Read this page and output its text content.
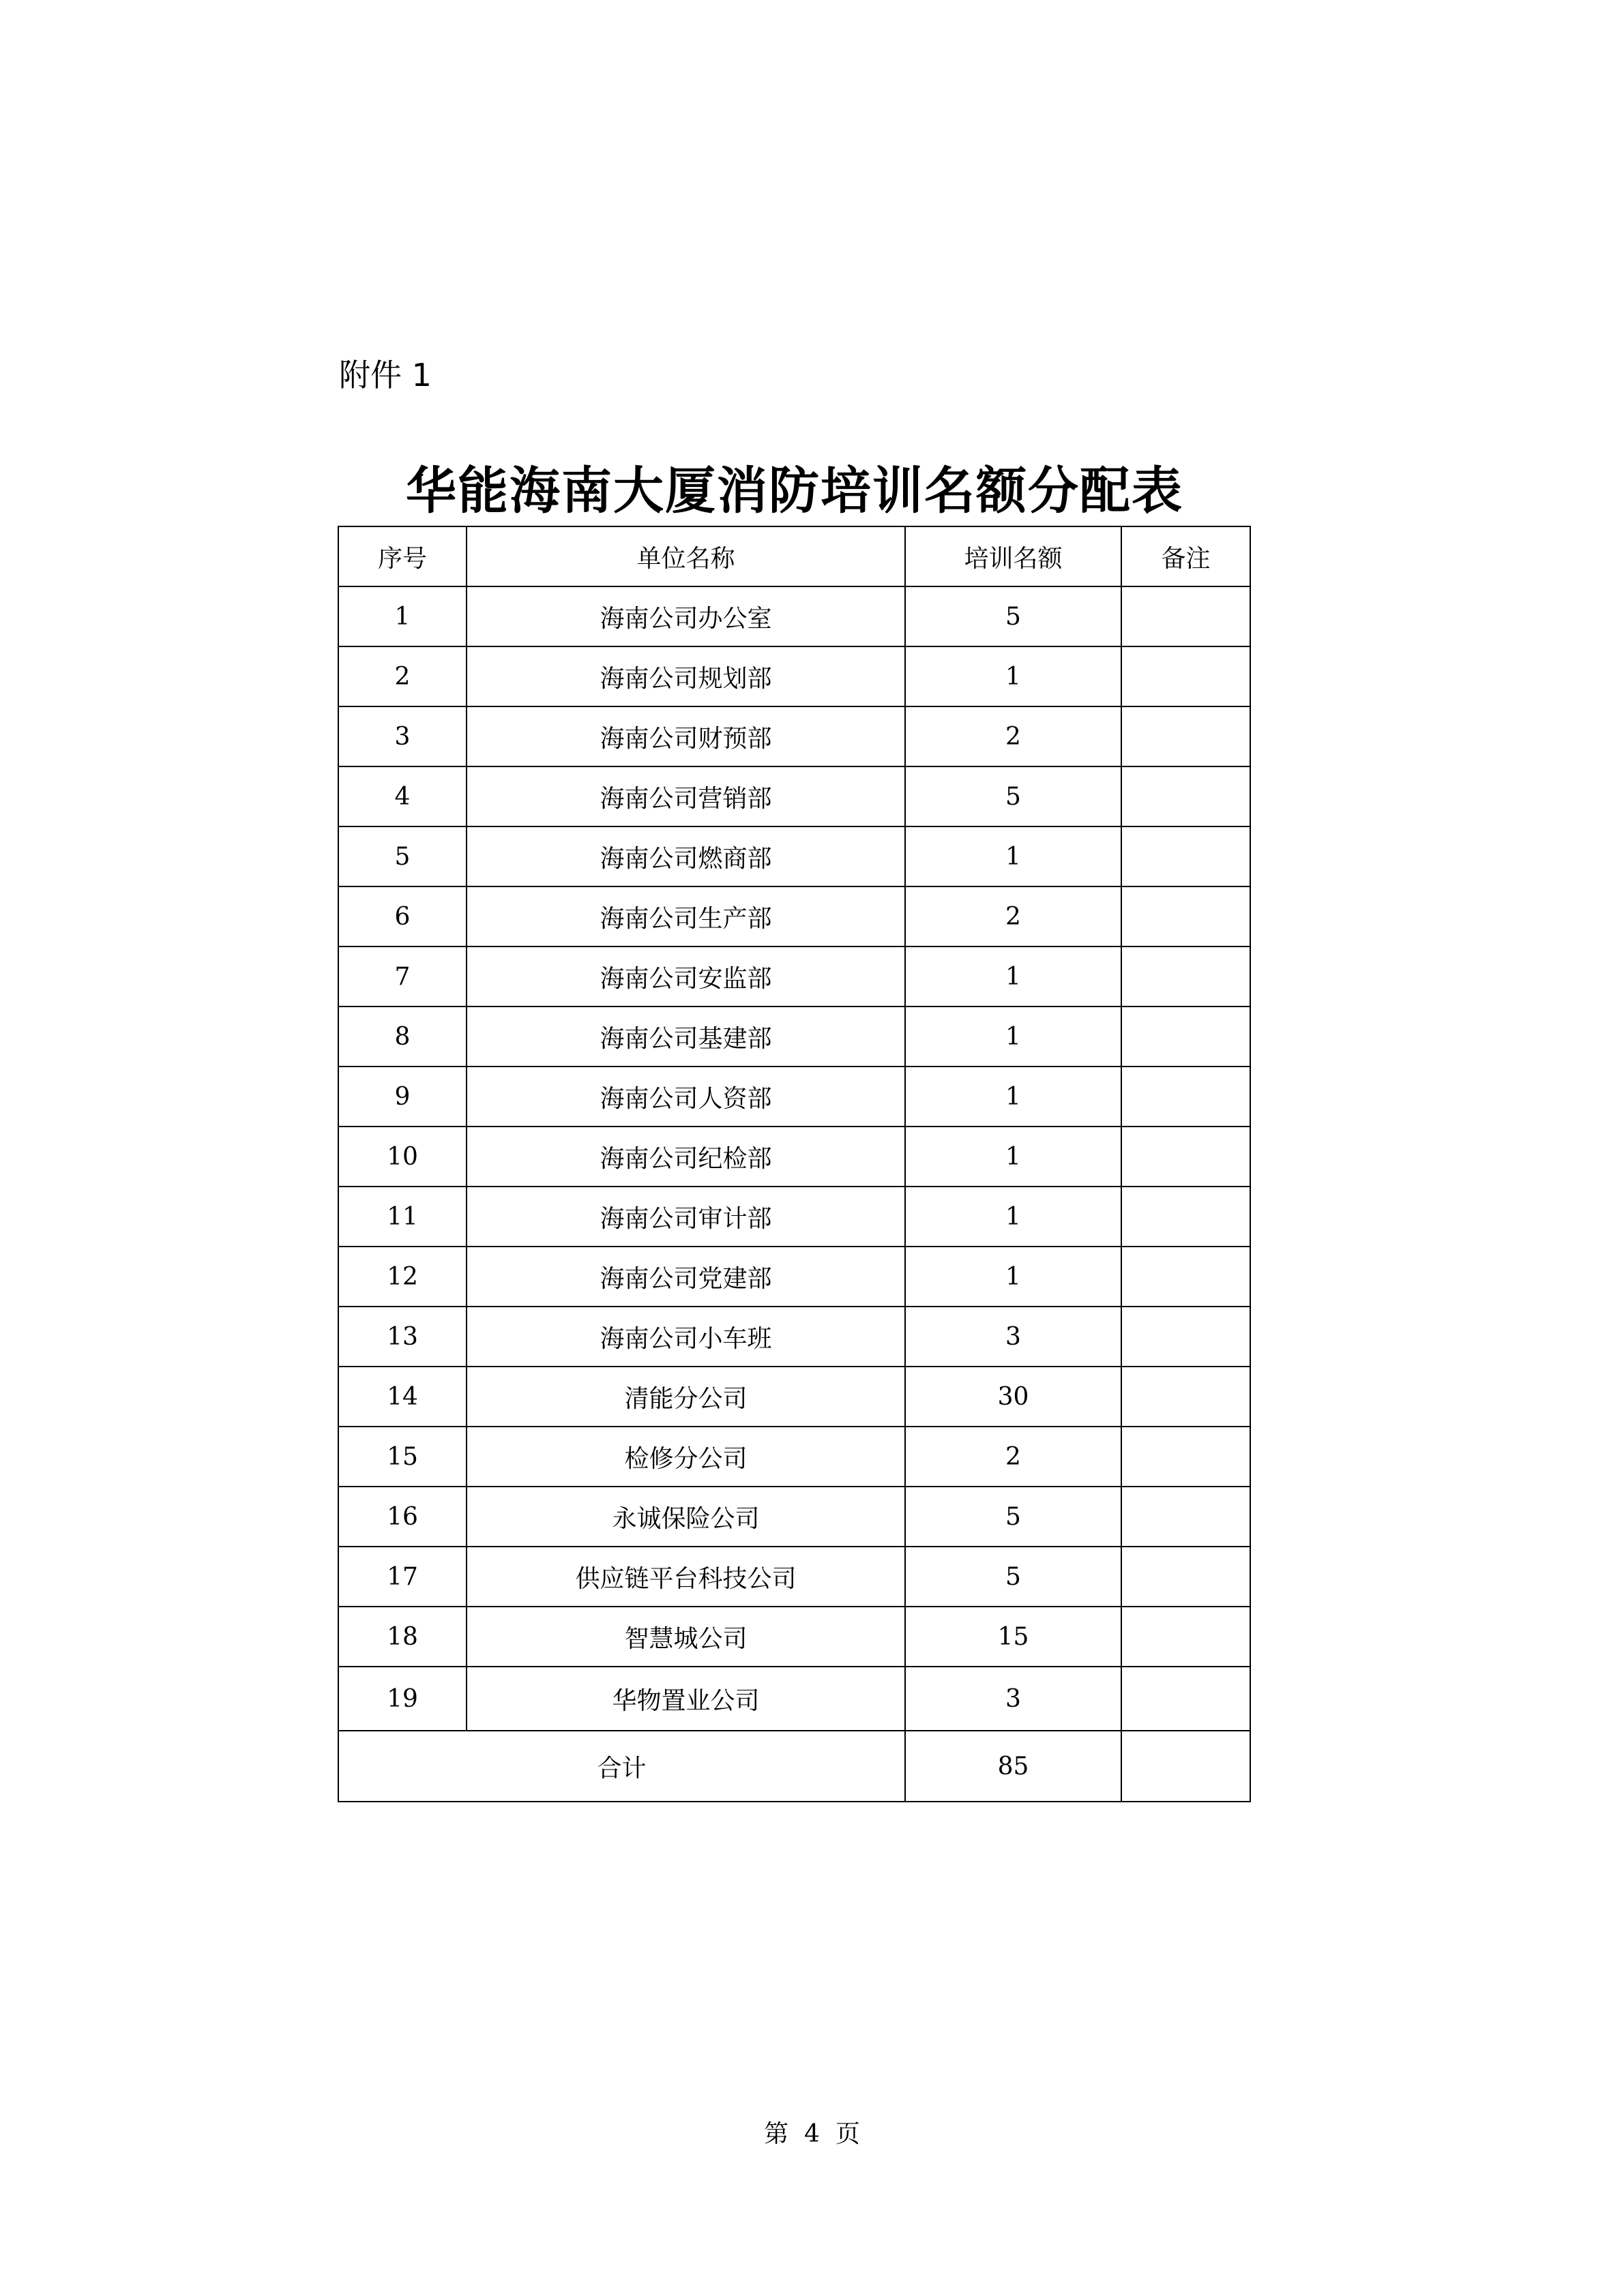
附件 1
华能海南大厦消防培训名额分配表
序号	单位名称	培训名额	备注
1	海南公司办公室	5	
2	海南公司规划部	1	
3	海南公司财预部	2	
4	海南公司营销部	5	
5	海南公司燃商部	1	
6	海南公司生产部	2	
7	海南公司安监部	1	
8	海南公司基建部	1	
9	海南公司人资部	1	
10	海南公司纪检部	1	
11	海南公司审计部	1	
12	海南公司党建部	1	
13	海南公司小车班	3	
14	清能分公司	30	
15	检修分公司	2	
16	永诚保险公司	5	
17	供应链平台科技公司	5	
18	智慧城公司	15	
19	华物置业公司	3	
合计		85	
第  4  页
